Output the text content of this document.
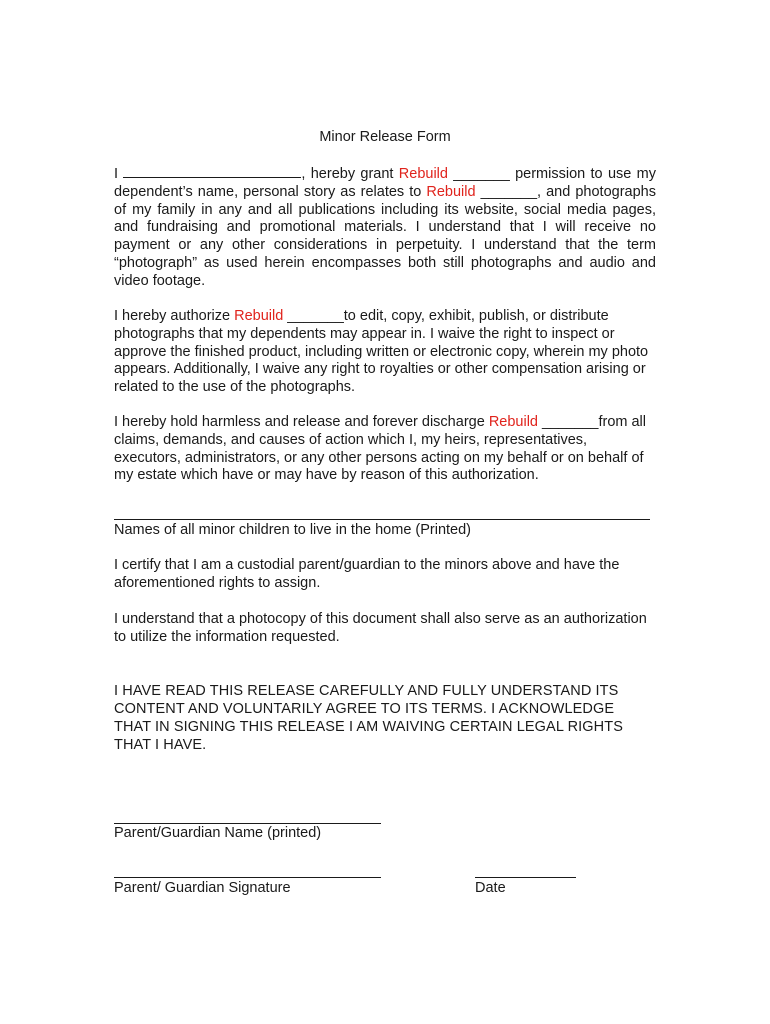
Minor Release Form
I	, hereby grant Rebuild _______ permission to use my dependent’s name, personal story as relates to Rebuild _______, and photographs of my family in any and all publications including its website, social media pages, and fundraising and promotional materials. I understand that I will receive no payment or any other considerations in perpetuity. I understand that the term “photograph” as used herein encompasses both still photographs and audio and video footage.
I hereby authorize Rebuild _______to edit, copy, exhibit, publish, or distribute photographs that my dependents may appear in. I waive the right to inspect or approve the finished product, including written or electronic copy, wherein my photo appears. Additionally, I waive any right to royalties or other compensation arising or related to the use of the photographs.
I hereby hold harmless and release and forever discharge Rebuild _______from all claims, demands, and causes of action which I, my heirs, representatives, executors, administrators, or any other persons acting on my behalf or on behalf of my estate which have or may have by reason of this authorization.
Names of all minor children to live in the home (Printed)
I certify that I am a custodial parent/guardian to the minors above and have the aforementioned rights to assign.
I understand that a photocopy of this document shall also serve as an authorization to utilize the information requested.
I HAVE READ THIS RELEASE CAREFULLY AND FULLY UNDERSTAND ITS CONTENT AND VOLUNTARILY AGREE TO ITS TERMS. I ACKNOWLEDGE THAT IN SIGNING THIS RELEASE I AM WAIVING CERTAIN LEGAL RIGHTS THAT I HAVE.
Parent/Guardian Name (printed)
Parent/ Guardian Signature	Date
